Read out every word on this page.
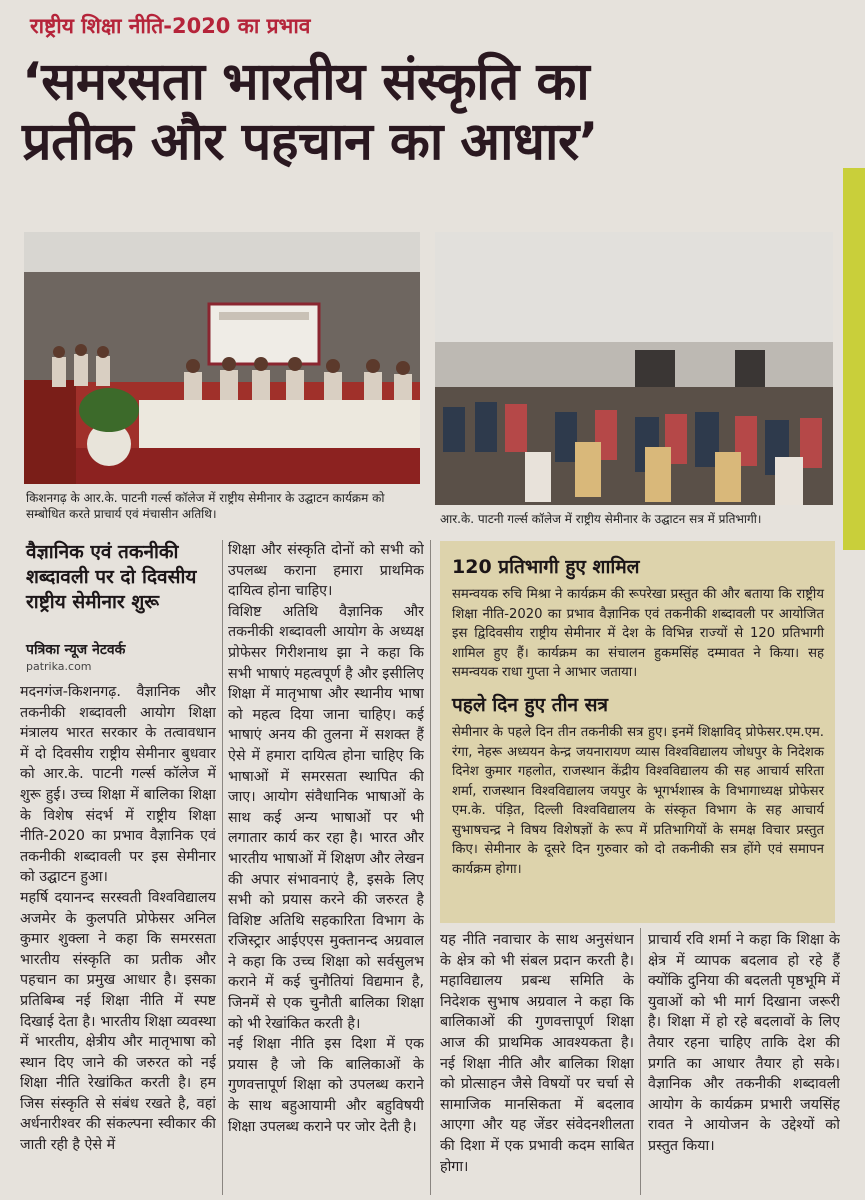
राष्ट्रीय शिक्षा नीति-2020 का प्रभाव
‘समरसता भारतीय संस्कृति का
प्रतीक और पहचान का आधार’
किशनगढ़ के आर.के. पाटनी गर्ल्स कॉलेज में राष्ट्रीय सेमीनार के उद्घाटन कार्यक्रम को सम्बोधित करते प्राचार्य एवं मंचासीन अतिथि।	आर.के. पाटनी गर्ल्स कॉलेज में राष्ट्रीय सेमीनार के उद्घाटन सत्र में प्रतिभागी।
वैज्ञानिक एवं तकनीकी शब्दावली पर दो दिवसीय राष्ट्रीय सेमीनार शुरू
पत्रिका न्यूज नेटवर्क
patrika.com
मदनगंज-किशनगढ़. वैज्ञानिक और तकनीकी शब्दावली आयोग शिक्षा मंत्रालय भारत सरकार के तत्वावधान में दो दिवसीय राष्ट्रीय सेमीनार बुधवार को आर.के. पाटनी गर्ल्स कॉलेज में शुरू हुई। उच्च शिक्षा में बालिका शिक्षा के विशेष संदर्भ में राष्ट्रीय शिक्षा नीति-2020 का प्रभाव वैज्ञानिक एवं तकनीकी शब्दावली पर इस सेमीनार को उद्घाटन हुआ।
महर्षि दयानन्द सरस्वती विश्वविद्यालय अजमेर के कुलपति प्रोफेसर अनिल कुमार शुक्ला ने कहा कि समरसता भारतीय संस्कृति का प्रतीक और पहचान का प्रमुख आधार है। इसका प्रतिबिम्ब नई शिक्षा नीति में स्पष्ट दिखाई देता है। भारतीय शिक्षा व्यवस्था में भारतीय, क्षेत्रीय और मातृभाषा को स्थान दिए जाने की जरुरत को नई शिक्षा नीति रेखांकित करती है। हम जिस संस्कृति से संबंध रखते है, वहां अर्धनारीश्वर की संकल्पना स्वीकार की जाती रही है ऐसे में
शिक्षा और संस्कृति दोनों को सभी को उपलब्ध कराना हमारा प्राथमिक दायित्व होना चाहिए।
विशिष्ट अतिथि वैज्ञानिक और तकनीकी शब्दावली आयोग के अध्यक्ष प्रोफेसर गिरीशनाथ झा ने कहा कि सभी भाषाएं महत्वपूर्ण है और इसीलिए शिक्षा में मातृभाषा और स्थानीय भाषा को महत्व दिया जाना चाहिए। कई भाषाएं अनय की तुलना में सशक्त हैं ऐसे में हमारा दायित्व होना चाहिए कि भाषाओं में समरसता स्थापित की जाए। आयोग संवैधानिक भाषाओं के साथ कई अन्य भाषाओं पर भी लगातार कार्य कर रहा है। भारत और भारतीय भाषाओं में शिक्षण और लेखन की अपार संभावनाएं है, इसके लिए सभी को प्रयास करने की जरुरत है विशिष्ट अतिथि सहकारिता विभाग के रजिस्ट्रार आईएएस मुक्तानन्द अग्रवाल ने कहा कि उच्च शिक्षा को सर्वसुलभ कराने में कई चुनौतियां विद्यमान है, जिनमें से एक चुनौती बालिका शिक्षा को भी रेखांकित करती है।
नई शिक्षा नीति इस दिशा में एक प्रयास है जो कि बालिकाओं के गुणवत्तापूर्ण शिक्षा को उपलब्ध कराने के साथ बहुआयामी और बहुविषयी शिक्षा उपलब्ध कराने पर जोर देती है।
120 प्रतिभागी हुए शामिल
समन्वयक रुचि मिश्रा ने कार्यक्रम की रूपरेखा प्रस्तुत की और बताया कि राष्ट्रीय शिक्षा नीति-2020 का प्रभाव वैज्ञानिक एवं तकनीकी शब्दावली पर आयोजित इस द्विदिवसीय राष्ट्रीय सेमीनार में देश के विभिन्न राज्यों से 120 प्रतिभागी शामिल हुए हैं। कार्यक्रम का संचालन हुकमसिंह दम्मावत ने किया। सह समन्वयक राधा गुप्ता ने आभार जताया।
पहले दिन हुए तीन सत्र
सेमीनार के पहले दिन तीन तकनीकी सत्र हुए। इनमें शिक्षाविद् प्रोफेसर.एम.एम. रंगा, नेहरू अध्ययन केन्द्र जयनारायण व्यास विश्वविद्यालय जोधपुर के निदेशक दिनेश कुमार गहलोत, राजस्थान केंद्रीय विश्वविद्यालय की सह आचार्य सरिता शर्मा, राजस्थान विश्वविद्यालय जयपुर के भूगर्भशास्त्र के विभागाध्यक्ष प्रोफेसर एम.के. पंड़ित, दिल्ली विश्वविद्यालय के संस्कृत विभाग के सह आचार्य सुभाषचन्द्र ने विषय विशेषज्ञों के रूप में प्रतिभागियों के समक्ष विचार प्रस्तुत किए। सेमीनार के दूसरे दिन गुरुवार को दो तकनीकी सत्र होंगे एवं समापन कार्यक्रम होगा।
यह नीति नवाचार के साथ अनुसंधान के क्षेत्र को भी संबल प्रदान करती है। महाविद्यालय प्रबन्ध समिति के निदेशक सुभाष अग्रवाल ने कहा कि बालिकाओं की गुणवत्तापूर्ण शिक्षा आज की प्राथमिक आवश्यकता है। नई शिक्षा नीति और बालिका शिक्षा को प्रोत्साहन जैसे विषयों पर चर्चा से सामाजिक मानसिकता में बदलाव आएगा और यह जेंडर संवेदनशीलता की दिशा में एक प्रभावी कदम साबित होगा।
प्राचार्य रवि शर्मा ने कहा कि शिक्षा के क्षेत्र में व्यापक बदलाव हो रहे हैं क्योंकि दुनिया की बदलती पृष्ठभूमि में युवाओं को भी मार्ग दिखाना जरूरी है। शिक्षा में हो रहे बदलावों के लिए तैयार रहना चाहिए ताकि देश की प्रगति का आधार तैयार हो सके। वैज्ञानिक और तकनीकी शब्दावली आयोग के कार्यक्रम प्रभारी जयसिंह रावत ने आयोजन के उद्देश्यों को प्रस्तुत किया।
